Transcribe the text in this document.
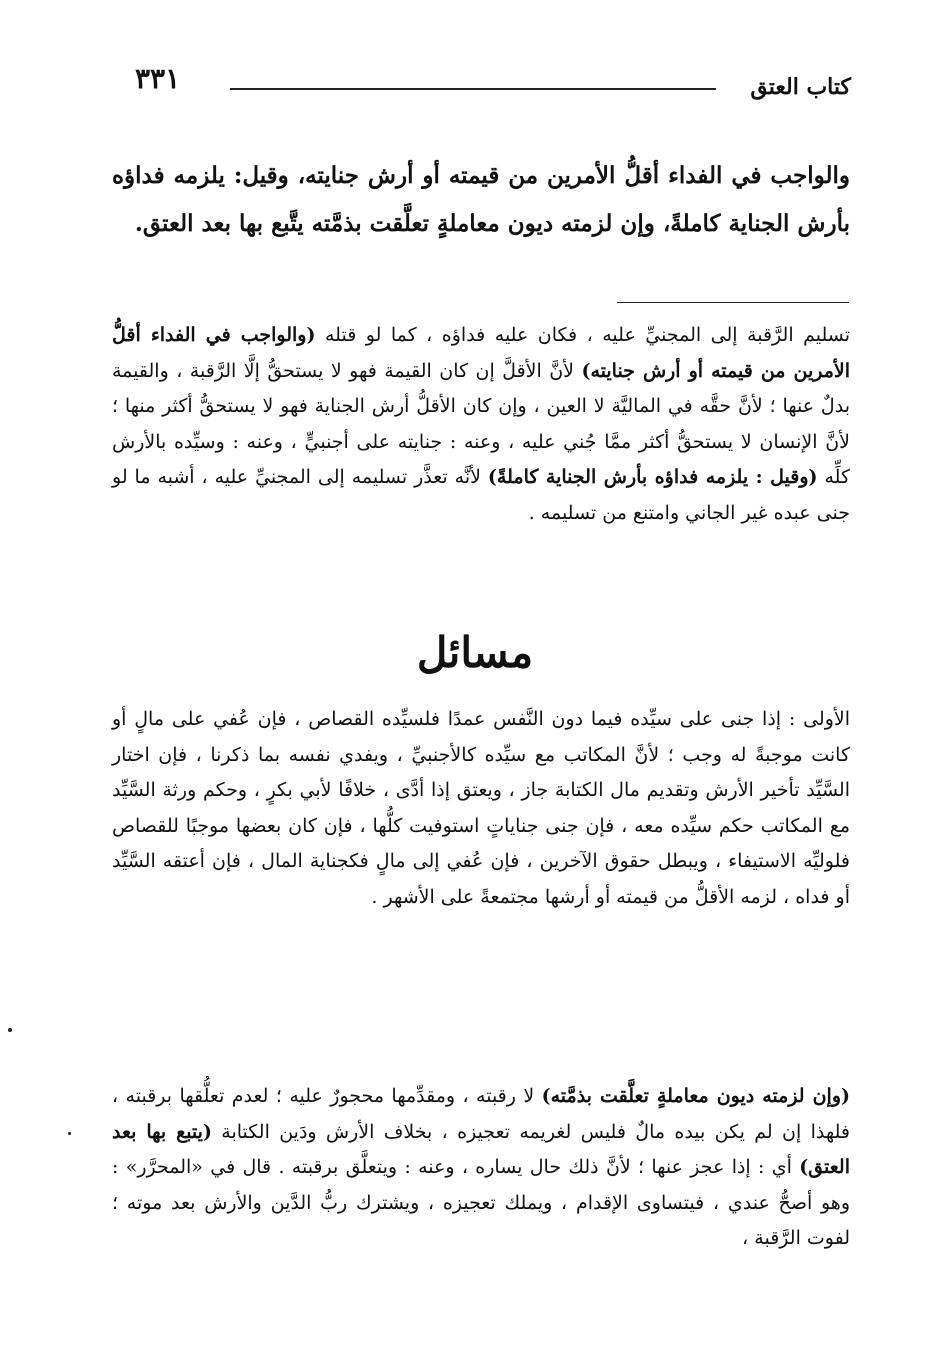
كتاب العتق
٣٣١
والواجب في الفداء أقلُّ الأمرين من قيمته أو أرش جنايته، وقيل: يلزمه فداؤه بأرش الجناية كاملةً، وإن لزمته ديون معاملةٍ تعلَّقت بذمَّته يتَّبع بها بعد العتق.
تسليم الرَّقبة إلى المجنيِّ عليه ، فكان عليه فداؤه ، كما لو قتله (والواجب في الفداء أقلُّ الأمرين من قيمته أو أرش جنايته) لأنَّ الأقلَّ إن كان القيمة فهو لا يستحقُّ إلَّا الرَّقبة ، والقيمة بدلٌ عنها ؛ لأنَّ حقَّه في الماليَّة لا العين ، وإن كان الأقلُّ أرش الجناية فهو لا يستحقُّ أكثر منها ؛ لأنَّ الإنسان لا يستحقُّ أكثر ممَّا جُني عليه ، وعنه : جنايته على أجنبيٍّ ، وعنه : وسيِّده بالأرش كلِّه (وقيل : يلزمه فداؤه بأرش الجناية كاملةً) لأنَّه تعذَّر تسليمه إلى المجنيِّ عليه ، أشبه ما لو جنى عبده غير الجاني وامتنع من تسليمه .
مسائل
الأولى : إذا جنى على سيِّده فيما دون النَّفس عمدًا فلسيِّده القصاص ، فإن عُفي على مالٍ أو كانت موجبةً له وجب ؛ لأنَّ المكاتب مع سيِّده كالأجنبيِّ ، ويفدي نفسه بما ذكرنا ، فإن اختار السَّيِّد تأخير الأرش وتقديم مال الكتابة جاز ، ويعتق إذا أدَّى ، خلافًا لأبي بكرٍ ، وحكم ورثة السَّيِّد مع المكاتب حكم سيِّده معه ، فإن جنى جناياتٍ استوفيت كلُّها ، فإن كان بعضها موجبًا للقصاص فلوليِّه الاستيفاء ، ويبطل حقوق الآخرين ، فإن عُفي إلى مالٍ فكجناية المال ، فإن أعتقه السَّيِّد أو فداه ، لزمه الأقلُّ من قيمته أو أرشها مجتمعةً على الأشهر .
(وإن لزمته ديون معاملةٍ تعلَّقت بذمَّته) لا رقبته ، ومقدِّمها محجورٌ عليه ؛ لعدم تعلُّقها برقبته ، فلهذا إن لم يكن بيده مالٌ فليس لغريمه تعجيزه ، بخلاف الأرش ودَين الكتابة (يتبع بها بعد العتق) أي : إذا عجز عنها ؛ لأنَّ ذلك حال يساره ، وعنه : ويتعلَّق برقبته . قال في «المحرَّر» : وهو أصحُّ عندي ، فيتساوى الإقدام ، ويملك تعجيزه ، ويشترك ربُّ الدَّين والأرش بعد موته ؛ لفوت الرَّقبة ،
